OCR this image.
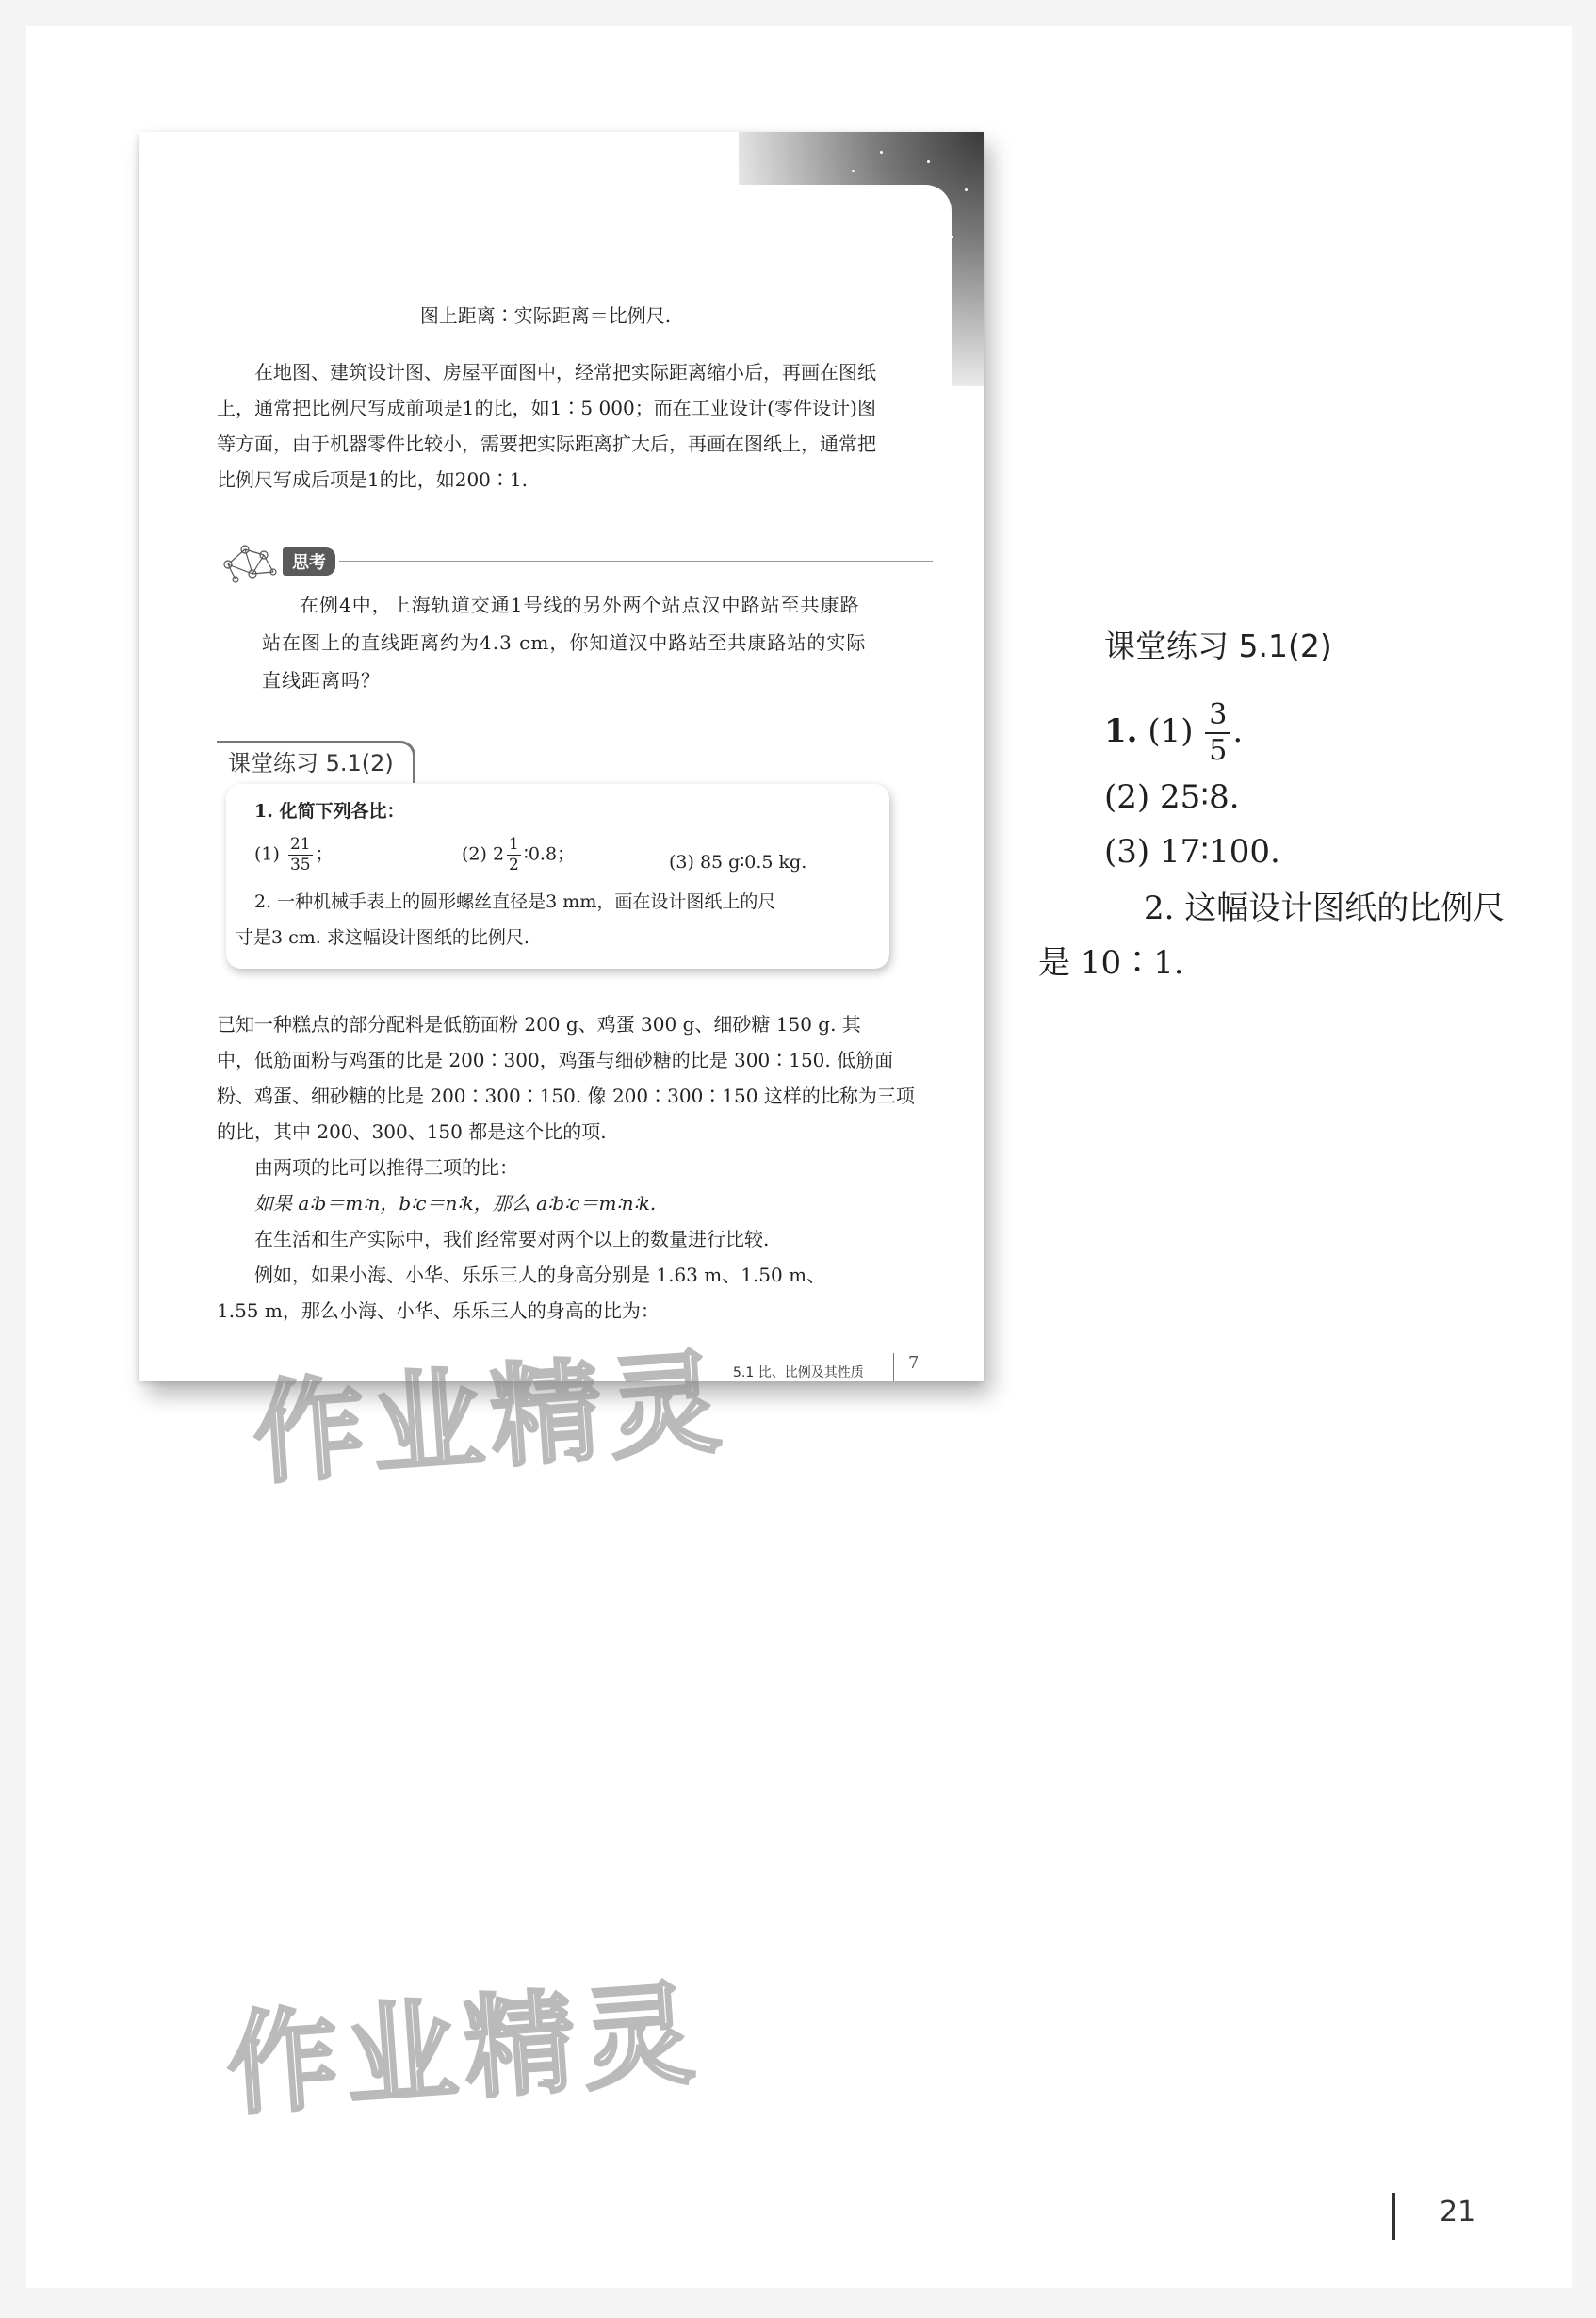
图上距离∶实际距离＝比例尺.
在地图、建筑设计图、房屋平面图中，经常把实际距离缩小后，再画在图纸上，通常把比例尺写成前项是1的比，如1∶5 000；而在工业设计(零件设计)图等方面，由于机器零件比较小，需要把实际距离扩大后，再画在图纸上，通常把比例尺写成后项是1的比，如200∶1.
思考
在例4中，上海轨道交通1号线的另外两个站点汉中路站至共康路站在图上的直线距离约为4.3 cm，你知道汉中路站至共康路站的实际直线距离吗？
课堂练习 5.1(2)
1. 化简下列各比：
$(1) \frac{21}{35}$ ；	(2) $2 \frac{1}{2}$ ∶0.8；	(3) 85 g∶0.5 kg.
2. 一种机械手表上的圆形螺丝直径是3 mm，画在设计图纸上的尺
寸是3 cm. 求这幅设计图纸的比例尺.
已知一种糕点的部分配料是低筋面粉 200 g、鸡蛋 300 g、细砂糖 150 g. 其
中，低筋面粉与鸡蛋的比是 200∶300，鸡蛋与细砂糖的比是 300∶150. 低筋面
粉、鸡蛋、细砂糖的比是 200∶300∶150. 像 200∶300∶150 这样的比称为三项
的比，其中 200、300、150 都是这个比的项.
由两项的比可以推得三项的比：
如果 a∶b＝m∶n，b∶c＝n∶k，那么 a∶b∶c＝m∶n∶k.
在生活和生产实际中，我们经常要对两个以上的数量进行比较.
例如，如果小海、小华、乐乐三人的身高分别是 1.63 m、1.50 m、
1.55 m，那么小海、小华、乐乐三人的身高的比为：
5.1 比、比例及其性质	7
课堂练习 5.1(2)
1. $(1) \frac{3}{5}$ .
(2) 25∶8.
(3) 17∶100.
2. 这幅设计图纸的比例尺
是 10∶1.
作业精灵
作业精灵
21
